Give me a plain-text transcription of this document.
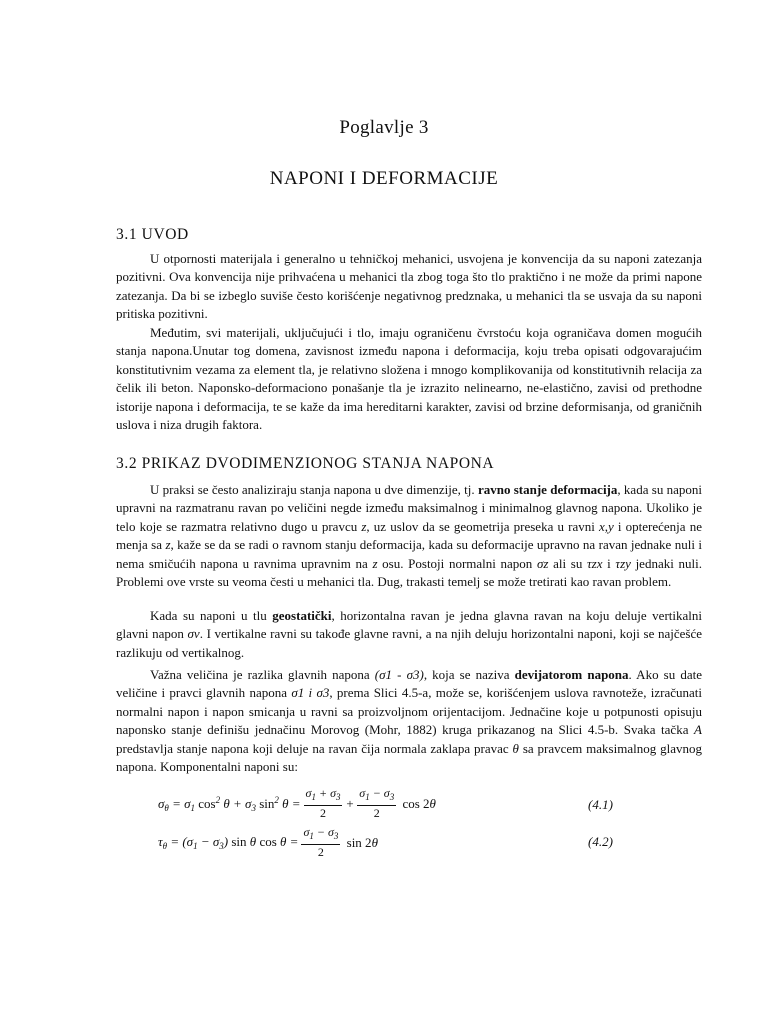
Poglavlje 3
NAPONI I DEFORMACIJE
3.1 UVOD

U otpornosti materijala i generalno u tehničkoj mehanici, usvojena je konvencija da su naponi zatezanja pozitivni. Ova konvencija nije prihvaćena u mehanici tla zbog toga što tlo praktično i ne može da primi napone zatezanja. Da bi se izbeglo suviše često korišćenje negativnog predznaka, u mehanici tla se usvaja da su naponi pritiska pozitivni.

Međutim, svi materijali, uključujući i tlo, imaju ograničenu čvrstoću koja ograničava domen mogućih stanja napona.Unutar tog domena, zavisnost između napona i deformacija, koju treba opisati odgovarajućim konstitutivnim vezama za element tla, je relativno složena i mnogo komplikovanija od konstitutivnih relacija za čelik ili beton. Naponsko-deformaciono ponašanje tla je izrazito nelinearno, ne-elastično, zavisi od prethodne istorije napona i deformacija, te se kaže da ima hereditarni karakter, zavisi od brzine deformisanja, od graničnih uslova i niza drugih faktora.

3.2 PRIKAZ DVODIMENZIONOG STANJA NAPONA

U praksi se često analiziraju stanja napona u dve dimenzije, tj. ravno stanje deformacija, kada su naponi upravni na razmatranu ravan po veličini negde između maksimalnog i minimalnog glavnog napona. Ukoliko je telo koje se razmatra relativno dugo u pravcu z, uz uslov da se geometrija preseka u ravni x,y i opterećenja ne menja sa z, kaže se da se radi o ravnom stanju deformacija, kada su deformacije upravno na ravan jednake nuli i nema smičućih napona u ravnima upravnim na z osu. Postoji normalni napon σz ali su τzx i τzy jednaki nuli. Problemi ove vrste su veoma česti u mehanici tla. Dug, trakasti temelj se može tretirati kao ravan problem.

Kada su naponi u tlu geostatički, horizontalna ravan je jedna glavna ravan na koju deluje vertikalni glavni napon σv. I vertikalne ravni su takođe glavne ravni, a na njih deluju horizontalni naponi, koji se najčešće razlikuju od vertikalnog.

Važna veličina je razlika glavnih napona (σ1 - σ3), koja se naziva devijatorom napona. Ako su date veličine i pravci glavnih napona σ1 i σ3, prema Slici 4.5-a, može se, korišćenjem uslova ravnoteže, izračunati normalni napon i napon smicanja u ravni sa proizvoljnom orijentacijom. Jednačine koje u potpunosti opisuju naponsko stanje definišu jednačinu Morovog (Mohr, 1882) kruga prikazanog na Slici 4.5-b. Svaka tačka A predstavlja stanje napona koji deluje na ravan čija normala zaklapa pravac θ sa pravcem maksimalnog glavnog napona. Komponentalni naponi su:

$\sigma_\theta = \sigma_1$ $\cos^2 \theta + \sigma_3$ $\sin^2 \theta = \frac{\sigma_1 + \sigma_3}{2} + \frac{\sigma_1 - \sigma_3}{2}$ cos 2θ	(4.1)
$\tau_\theta = (\sigma_1 - \sigma_3)$ sin θ $\cos \theta = \frac{\sigma_1 - \sigma_3}{2}$ sin 2θ	(4.2)
